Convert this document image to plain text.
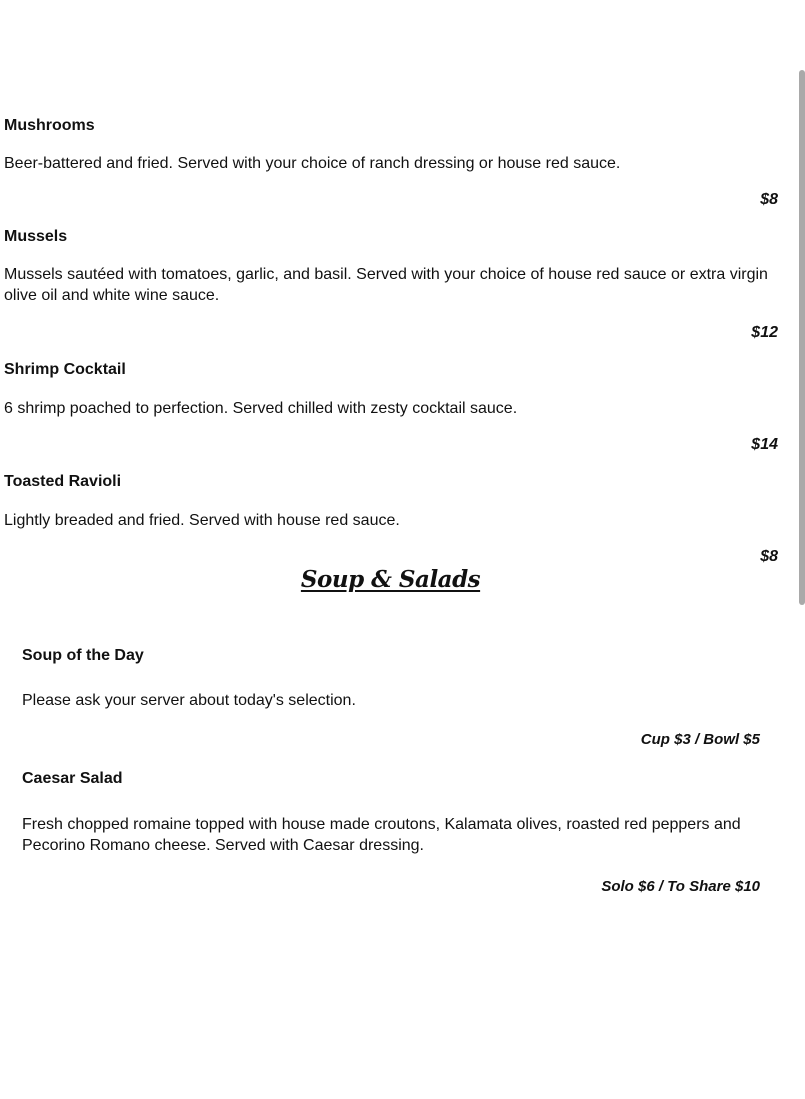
Mushrooms

Beer-battered and fried. Served with your choice of ranch dressing or house red sauce.

$8

Mussels

Mussels sautéed with tomatoes, garlic, and basil. Served with your choice of house red sauce or extra virgin olive oil and white wine sauce.

$12

Shrimp Cocktail

6 shrimp poached to perfection. Served chilled with zesty cocktail sauce.

$14

Toasted Ravioli

Lightly breaded and fried. Served with house red sauce.

$8

Soup & Salads

Soup of the Day

Please ask your server about today's selection.

Cup $3 / Bowl $5

Caesar Salad

Fresh chopped romaine topped with house made croutons, Kalamata olives, roasted red peppers and Pecorino Romano cheese. Served with Caesar dressing.

Solo $6 / To Share $10
